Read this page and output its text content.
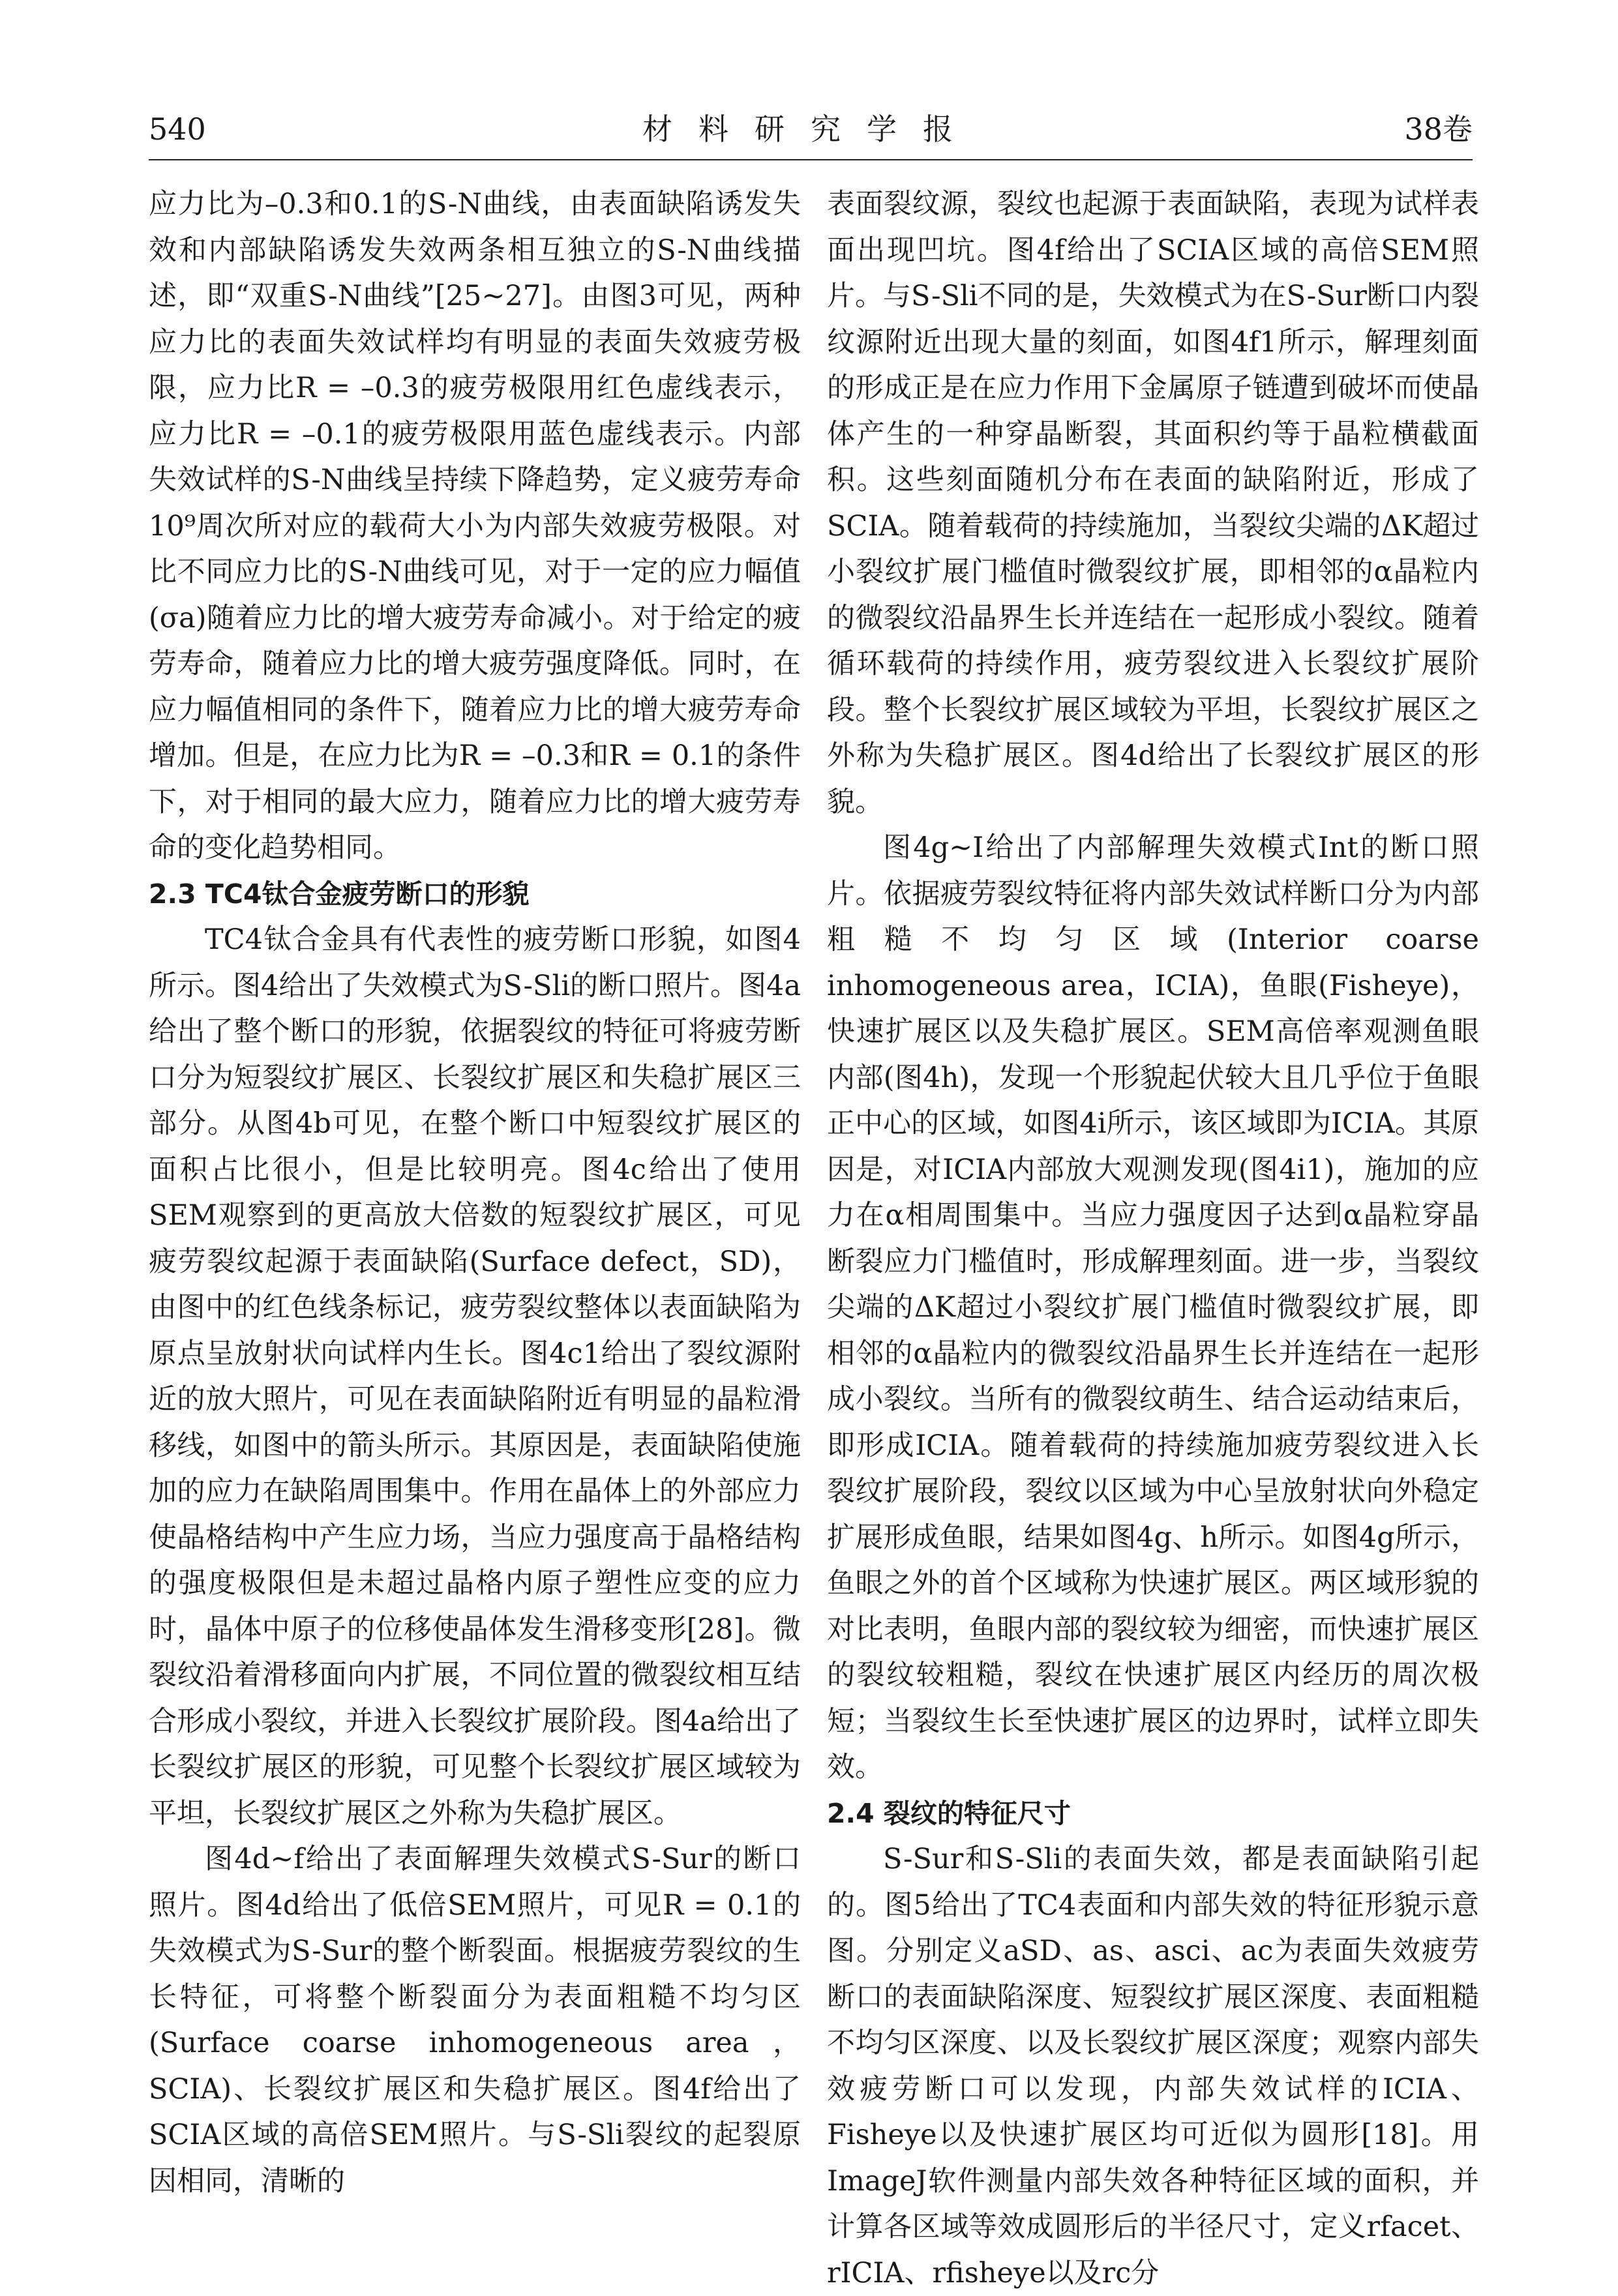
540	材料研究学报	38卷

应力比为–0.3和0.1的S-N曲线，由表面缺陷诱发失效和内部缺陷诱发失效两条相互独立的S-N曲线描述，即“双重S-N曲线”[25~27]。由图3可见，两种应力比的表面失效试样均有明显的表面失效疲劳极限，应力比R = –0.3的疲劳极限用红色虚线表示，应力比R = –0.1的疲劳极限用蓝色虚线表示。内部失效试样的S-N曲线呈持续下降趋势，定义疲劳寿命10⁹周次所对应的载荷大小为内部失效疲劳极限。对比不同应力比的S-N曲线可见，对于一定的应力幅值(σa)随着应力比的增大疲劳寿命减小。对于给定的疲劳寿命，随着应力比的增大疲劳强度降低。同时，在应力幅值相同的条件下，随着应力比的增大疲劳寿命增加。但是，在应力比为R = –0.3和R = 0.1的条件下，对于相同的最大应力，随着应力比的增大疲劳寿命的变化趋势相同。

2.3 TC4钛合金疲劳断口的形貌

TC4钛合金具有代表性的疲劳断口形貌，如图4所示。图4给出了失效模式为S-Sli的断口照片。图4a给出了整个断口的形貌，依据裂纹的特征可将疲劳断口分为短裂纹扩展区、长裂纹扩展区和失稳扩展区三部分。从图4b可见，在整个断口中短裂纹扩展区的面积占比很小，但是比较明亮。图4c给出了使用SEM观察到的更高放大倍数的短裂纹扩展区，可见疲劳裂纹起源于表面缺陷(Surface defect，SD)，由图中的红色线条标记，疲劳裂纹整体以表面缺陷为原点呈放射状向试样内生长。图4c1给出了裂纹源附近的放大照片，可见在表面缺陷附近有明显的晶粒滑移线，如图中的箭头所示。其原因是，表面缺陷使施加的应力在缺陷周围集中。作用在晶体上的外部应力使晶格结构中产生应力场，当应力强度高于晶格结构的强度极限但是未超过晶格内原子塑性应变的应力时，晶体中原子的位移使晶体发生滑移变形[28]。微裂纹沿着滑移面向内扩展，不同位置的微裂纹相互结合形成小裂纹，并进入长裂纹扩展阶段。图4a给出了长裂纹扩展区的形貌，可见整个长裂纹扩展区域较为平坦，长裂纹扩展区之外称为失稳扩展区。

图4d~f给出了表面解理失效模式S-Sur的断口照片。图4d给出了低倍SEM照片，可见R = 0.1的失效模式为S-Sur的整个断裂面。根据疲劳裂纹的生长特征，可将整个断裂面分为表面粗糙不均匀区(Surface coarse inhomogeneous area，SCIA)、长裂纹扩展区和失稳扩展区。图4f给出了SCIA区域的高倍SEM照片。与S-Sli裂纹的起裂原因相同，清晰的

表面裂纹源，裂纹也起源于表面缺陷，表现为试样表面出现凹坑。图4f给出了SCIA区域的高倍SEM照片。与S-Sli不同的是，失效模式为在S-Sur断口内裂纹源附近出现大量的刻面，如图4f1所示，解理刻面的形成正是在应力作用下金属原子链遭到破坏而使晶体产生的一种穿晶断裂，其面积约等于晶粒横截面积。这些刻面随机分布在表面的缺陷附近，形成了SCIA。随着载荷的持续施加，当裂纹尖端的ΔK超过小裂纹扩展门槛值时微裂纹扩展，即相邻的α晶粒内的微裂纹沿晶界生长并连结在一起形成小裂纹。随着循环载荷的持续作用，疲劳裂纹进入长裂纹扩展阶段。整个长裂纹扩展区域较为平坦，长裂纹扩展区之外称为失稳扩展区。图4d给出了长裂纹扩展区的形貌。

图4g~I给出了内部解理失效模式Int的断口照片。依据疲劳裂纹特征将内部失效试样断口分为内部粗糙不均匀区域(Interior coarse inhomogeneous area，ICIA)，鱼眼(Fisheye)，快速扩展区以及失稳扩展区。SEM高倍率观测鱼眼内部(图4h)，发现一个形貌起伏较大且几乎位于鱼眼正中心的区域，如图4i所示，该区域即为ICIA。其原因是，对ICIA内部放大观测发现(图4i1)，施加的应力在α相周围集中。当应力强度因子达到α晶粒穿晶断裂应力门槛值时，形成解理刻面。进一步，当裂纹尖端的ΔK超过小裂纹扩展门槛值时微裂纹扩展，即相邻的α晶粒内的微裂纹沿晶界生长并连结在一起形成小裂纹。当所有的微裂纹萌生、结合运动结束后，即形成ICIA。随着载荷的持续施加疲劳裂纹进入长裂纹扩展阶段，裂纹以区域为中心呈放射状向外稳定扩展形成鱼眼，结果如图4g、h所示。如图4g所示，鱼眼之外的首个区域称为快速扩展区。两区域形貌的对比表明，鱼眼内部的裂纹较为细密，而快速扩展区的裂纹较粗糙，裂纹在快速扩展区内经历的周次极短；当裂纹生长至快速扩展区的边界时，试样立即失效。

2.4 裂纹的特征尺寸

S-Sur和S-Sli的表面失效，都是表面缺陷引起的。图5给出了TC4表面和内部失效的特征形貌示意图。分别定义aSD、as、asci、ac为表面失效疲劳断口的表面缺陷深度、短裂纹扩展区深度、表面粗糙不均匀区深度、以及长裂纹扩展区深度；观察内部失效疲劳断口可以发现，内部失效试样的ICIA、Fisheye以及快速扩展区均可近似为圆形[18]。用ImageJ软件测量内部失效各种特征区域的面积，并计算各区域等效成圆形后的半径尺寸，定义rfacet、rICIA、rfisheye以及rc分
